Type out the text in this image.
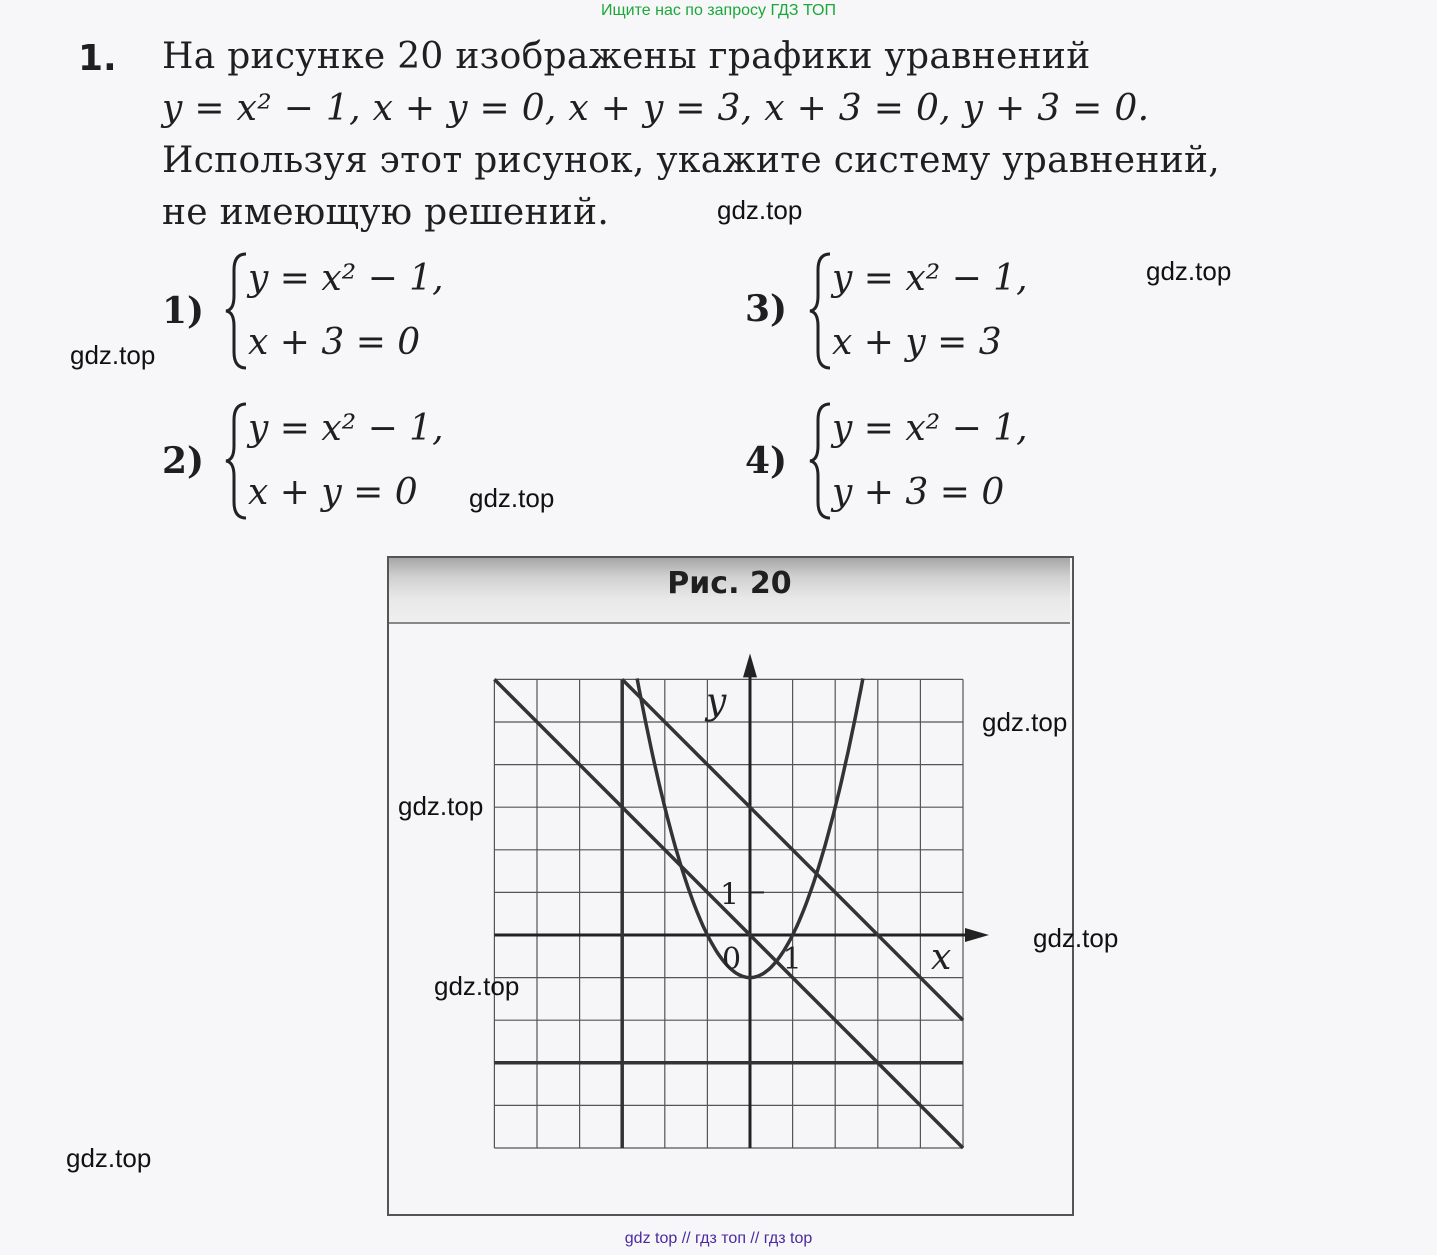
Ищите нас по запросу ГДЗ ТОП
gdz top // гдз топ // гдз top
1. На рисунке 20 изображены графики уравнений
y = x² − 1, x + y = 0, x + y = 3, x + 3 = 0, y + 3 = 0.
Используя этот рисунок, укажите систему уравнений,
не имеющую решений.
1)
y = x² − 1,
x + 3 = 0
2)
y = x² − 1,
x + y = 0
3)
y = x² − 1,
x + y = 3
4)
y = x² − 1,
y + 3 = 0
Рис. 20
x
y
0 1
1
gdz.top
gdz.top
gdz.top
gdz.top
gdz.top
gdz.top
gdz.top
gdz.top
gdz.top
